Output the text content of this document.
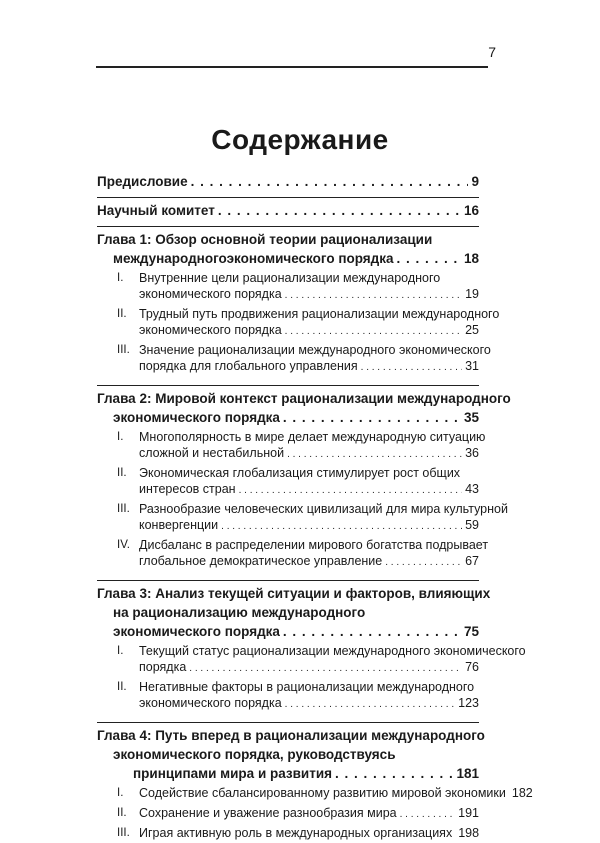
7
Содержание
Предисловие . . .	9
Научный комитет . . .	16
Глава 1: Обзор основной теории рационализации
международногоэкономического порядка . . .	18
I.	Внутренние цели рационализации международного
экономического порядка . . .	19
II. Трудный путь продвижения рационализации международного
экономического порядка . . .	25
III. Значение рационализации международного экономического
порядка для глобального управления . . .	31
Глава 2: Мировой контекст рационализации международного
экономического порядка . . .	35
I.	Многополярность в мире делает международную ситуацию
сложной и нестабильной . . .	36
II. Экономическая глобализация стимулирует рост общих
интересов стран . . .	43
III. Разнообразие человеческих цивилизаций для мира культурной
конвергенции . . .	59
IV. Дисбаланс в распределении мирового богатства подрывает
глобальное демократическое управление . . .	67
Глава 3: Анализ текущей ситуации и факторов, влияющих
на рационализацию международного
экономического порядка . . .	75
I.	Текущий статус рационализации международного экономического
порядка . . .	76
II. Негативные факторы в рационализации международного
экономического порядка . . .	123
Глава 4: Путь вперед в рационализации международного
экономического порядка, руководствуясь
принципами мира и развития . . .	181
I.	Содействие сбалансированному развитию мировой экономики 182
II. Сохранение и уважение разнообразия мира . . .	191
III. Играя активную роль в международных организациях 198
